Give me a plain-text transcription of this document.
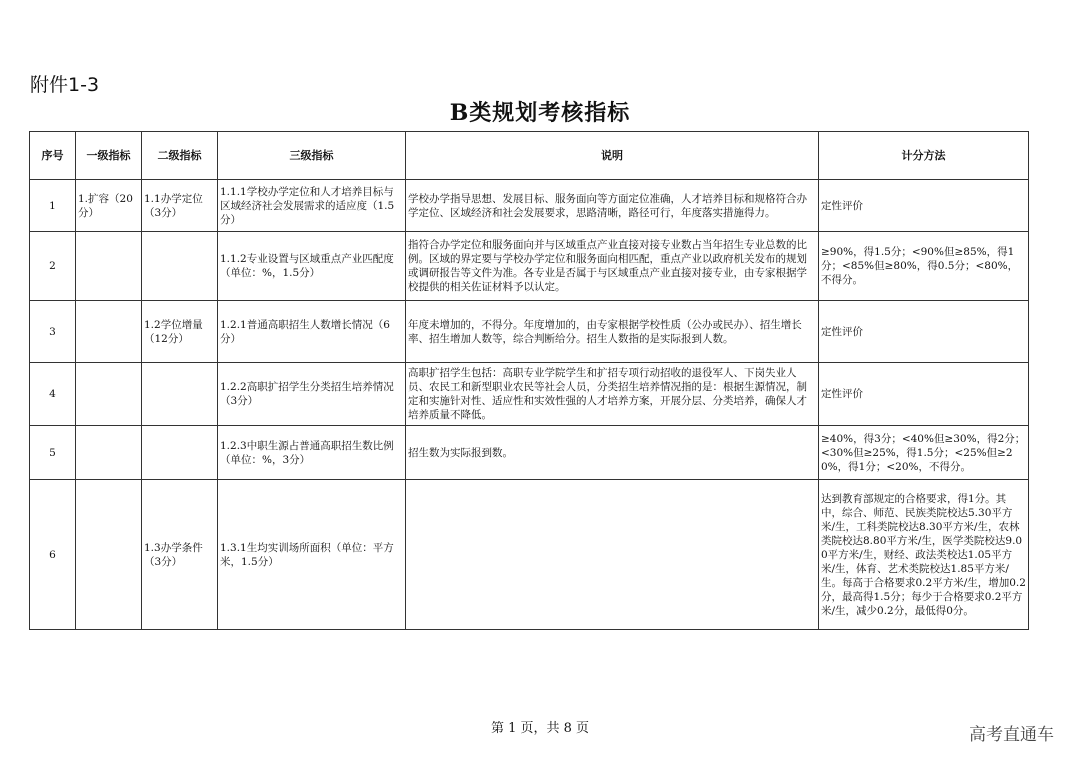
附件1-3
B类规划考核指标
序号	一级指标	二级指标	三级指标	说明	计分方法
1	1.扩容（20分）	1.1办学定位（3分）	1.1.1学校办学定位和人才培养目标与区域经济社会发展需求的适应度（1.5分）	学校办学指导思想、发展目标、服务面向等方面定位准确，人才培养目标和规格符合办学定位、区域经济和社会发展要求，思路清晰，路径可行，年度落实措施得力。	定性评价
2			1.1.2专业设置与区域重点产业匹配度（单位：%，1.5分）	指符合办学定位和服务面向并与区域重点产业直接对接专业数占当年招生专业总数的比例。区域的界定要与学校办学定位和服务面向相匹配，重点产业以政府机关发布的规划或调研报告等文件为准。各专业是否属于与区域重点产业直接对接专业，由专家根据学校提供的相关佐证材料予以认定。	≥90%，得1.5分；<90%但≥85%，得1分；<85%但≥80%，得0.5分；<80%，不得分。
3		1.2学位增量（12分）	1.2.1普通高职招生人数增长情况（6分）	年度未增加的，不得分。年度增加的，由专家根据学校性质（公办或民办）、招生增长率、招生增加人数等，综合判断给分。招生人数指的是实际报到人数。	定性评价
4			1.2.2高职扩招学生分类招生培养情况（3分）	高职扩招学生包括：高职专业学院学生和扩招专项行动招收的退役军人、下岗失业人员、农民工和新型职业农民等社会人员，分类招生培养情况指的是：根据生源情况，制定和实施针对性、适应性和实效性强的人才培养方案，开展分层、分类培养，确保人才培养质量不降低。	定性评价
5			1.2.3中职生源占普通高职招生数比例（单位：%，3分）	招生数为实际报到数。	≥40%，得3分；<40%但≥30%，得2分；<30%但≥25%，得1.5分；<25%但≥20%，得1分；<20%，不得分。
6		1.3办学条件（3分）	1.3.1生均实训场所面积（单位：平方米，1.5分）		达到教育部规定的合格要求，得1分。其中，综合、师范、民族类院校达5.30平方米/生，工科类院校达8.30平方米/生，农林类院校达8.80平方米/生，医学类院校达9.00平方米/生，财经、政法类校达1.05平方米/生，体育、艺术类院校达1.85平方米/生。每高于合格要求0.2平方米/生，增加0.2分，最高得1.5分；每少于合格要求0.2平方米/生，减少0.2分，最低得0分。
第 1 页，共 8 页	高考直通车
